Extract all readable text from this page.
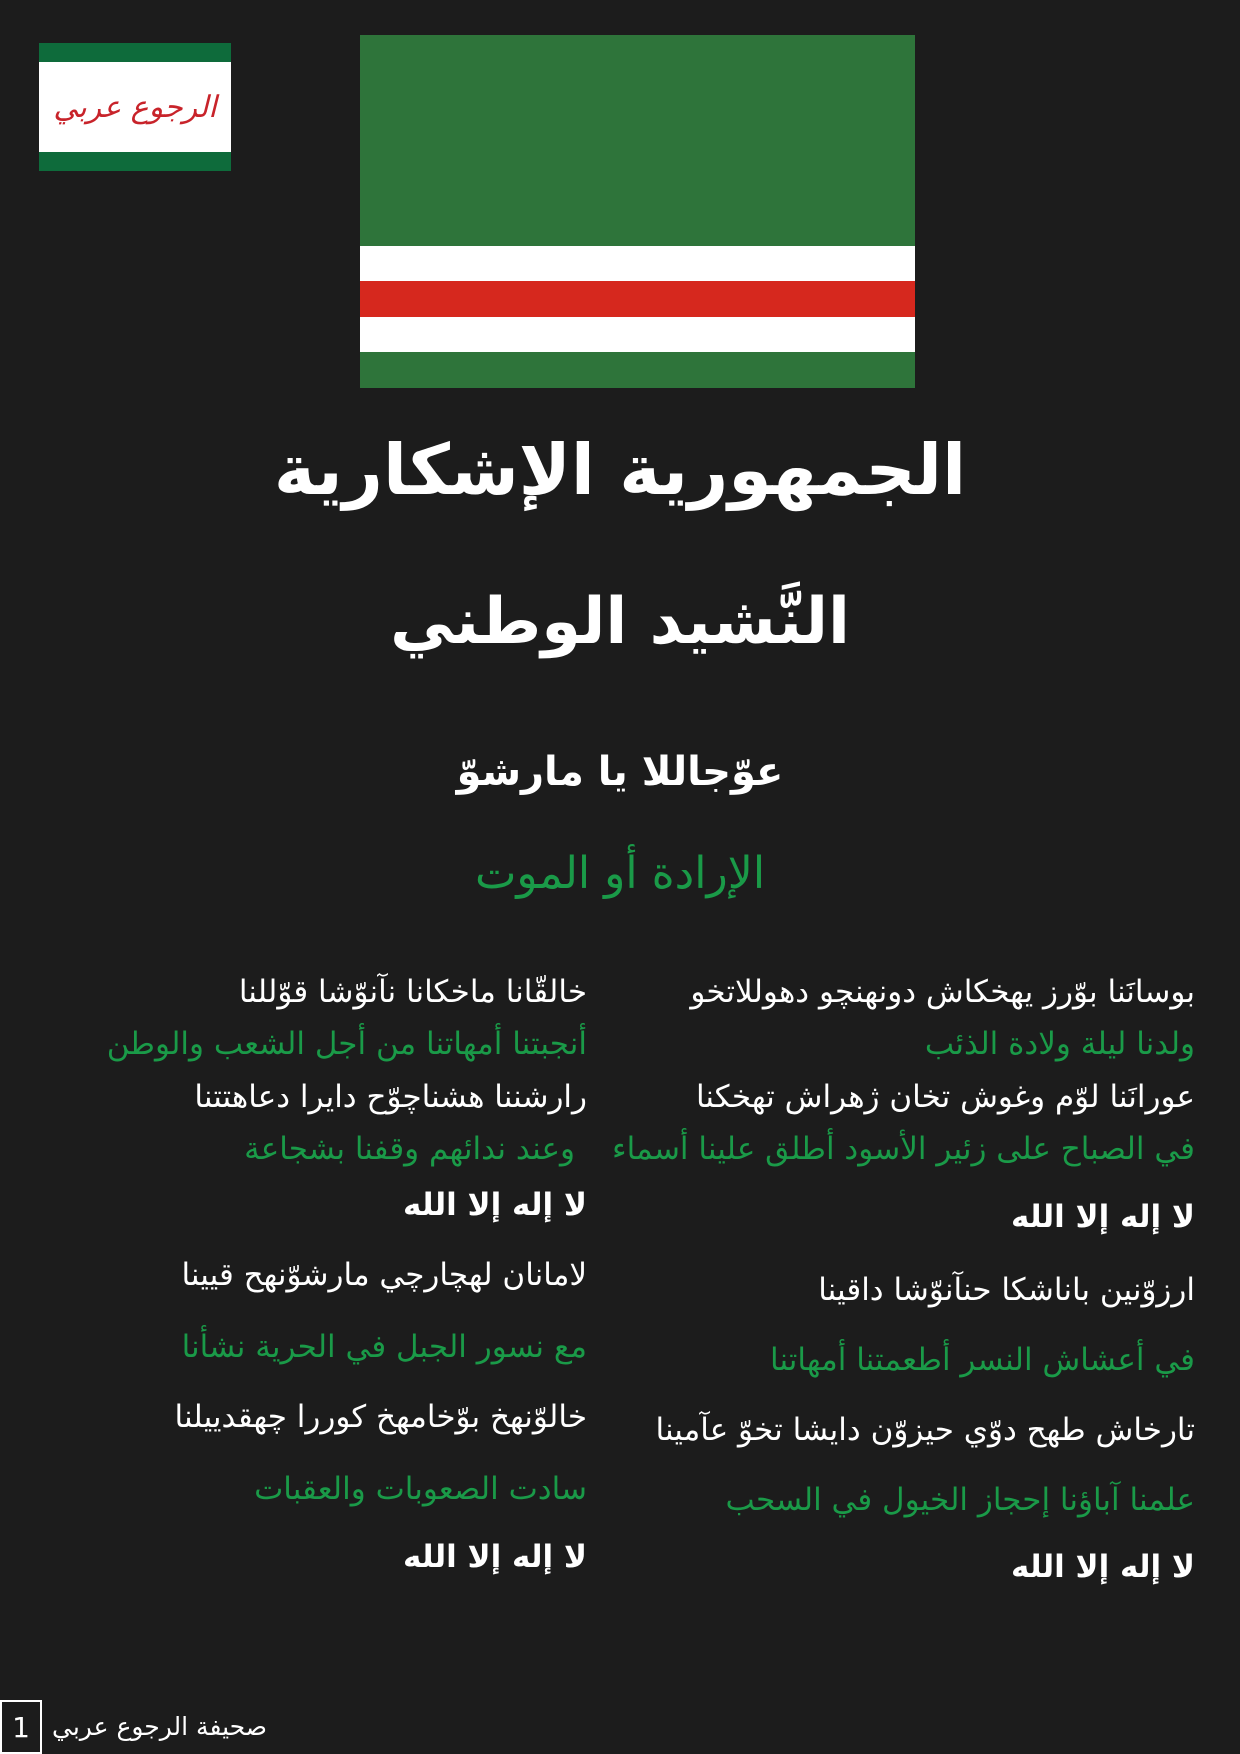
الرجوع عربي
الجمهورية الإشكارية
النَّشيد الوطني
عوّجاللا يا مارشوّ
الإرادة أو الموت
بوسانَنا بوّرز يهخكاش دونهنچو دهوللاتخو
ولدنا ليلة ولادة الذئب
عورانَنا لوّم وغوش تخان ژهراش تهخكنا
في الصباح على زئير الأسود أطلق علينا أسماء
لا إله إلا الله
ارزوّنين باناشكا حنآنوّشا داقينا
في أعشاش النسر أطعمتنا أمهاتنا
تارخاش طهح دوّي حيزوّن دايشا تخوّ عآمينا
علمنا آباؤنا إحجاز الخيول في السحب
لا إله إلا الله
خالقّانا ماخكانا نآنوّشا قوّللنا
أنجبتنا أمهاتنا من أجل الشعب والوطن
رارشننا هشناچوّح دايرا دعاهتتنا
وعند ندائهم وقفنا بشجاعة
لا إله إلا الله
لامانان لهچارچي مارشوّنهح قيينا
مع نسور الجبل في الحرية نشأنا
خالوّنهخ بوّخامهخ كوررا چهقدييلنا
سادت الصعوبات والعقبات
لا إله إلا الله
1 صحيفة الرجوع عربي
